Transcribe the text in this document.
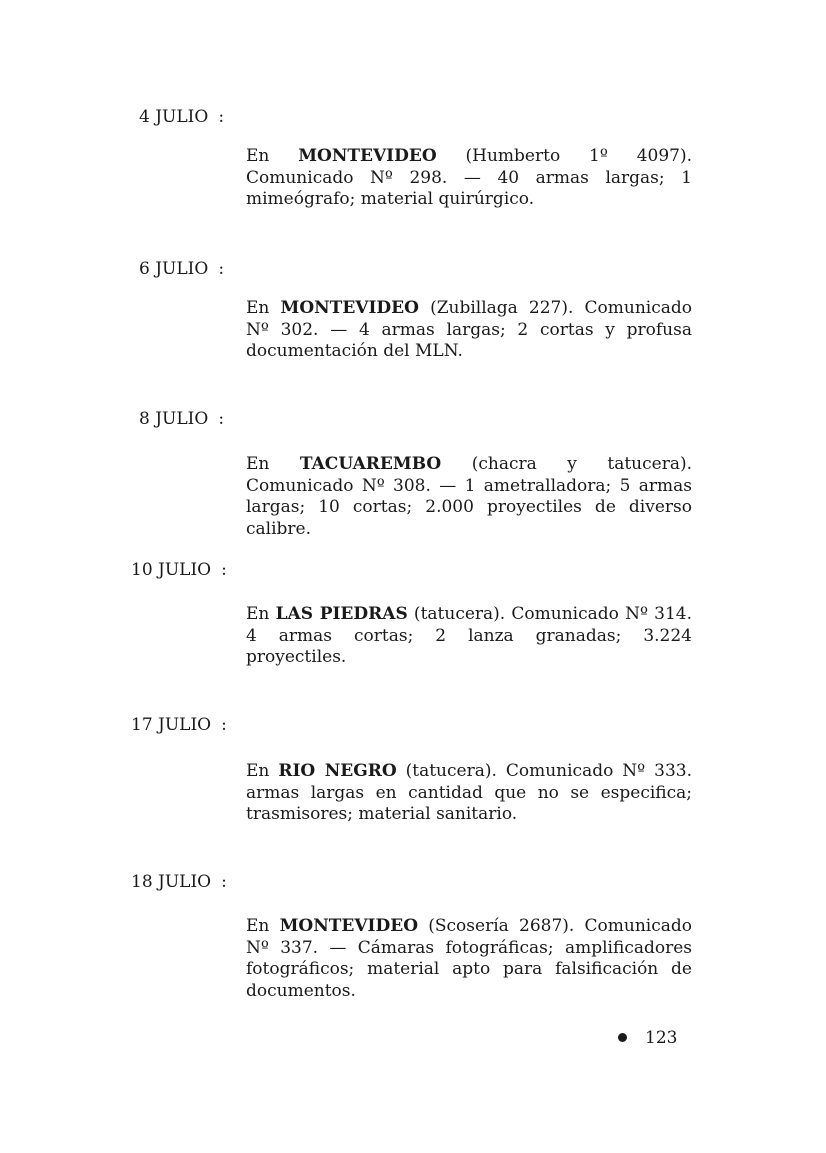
4 JULIO :
En MONTEVIDEO (Humberto 1º 4097). Comunicado Nº 298. — 40 armas largas; 1 mimeógrafo; material quirúrgico.
6 JULIO :
En MONTEVIDEO (Zubillaga 227). Comunicado Nº 302. — 4 armas largas; 2 cortas y profusa documentación del MLN.
8 JULIO :
En TACUAREMBO (chacra y tatucera). Comunicado Nº 308. — 1 ametralladora; 5 armas largas; 10 cortas; 2.000 proyectiles de diverso calibre.
10 JULIO :
En LAS PIEDRAS (tatucera). Comunicado Nº 314. 4 armas cortas; 2 lanza granadas; 3.224 proyectiles.
17 JULIO :
En RIO NEGRO (tatucera). Comunicado Nº 333. armas largas en cantidad que no se especifica; trasmisores; material sanitario.
18 JULIO :
En MONTEVIDEO (Scosería 2687). Comunicado Nº 337. — Cámaras fotográficas; amplificadores fotográficos; material apto para falsificación de documentos.
123
